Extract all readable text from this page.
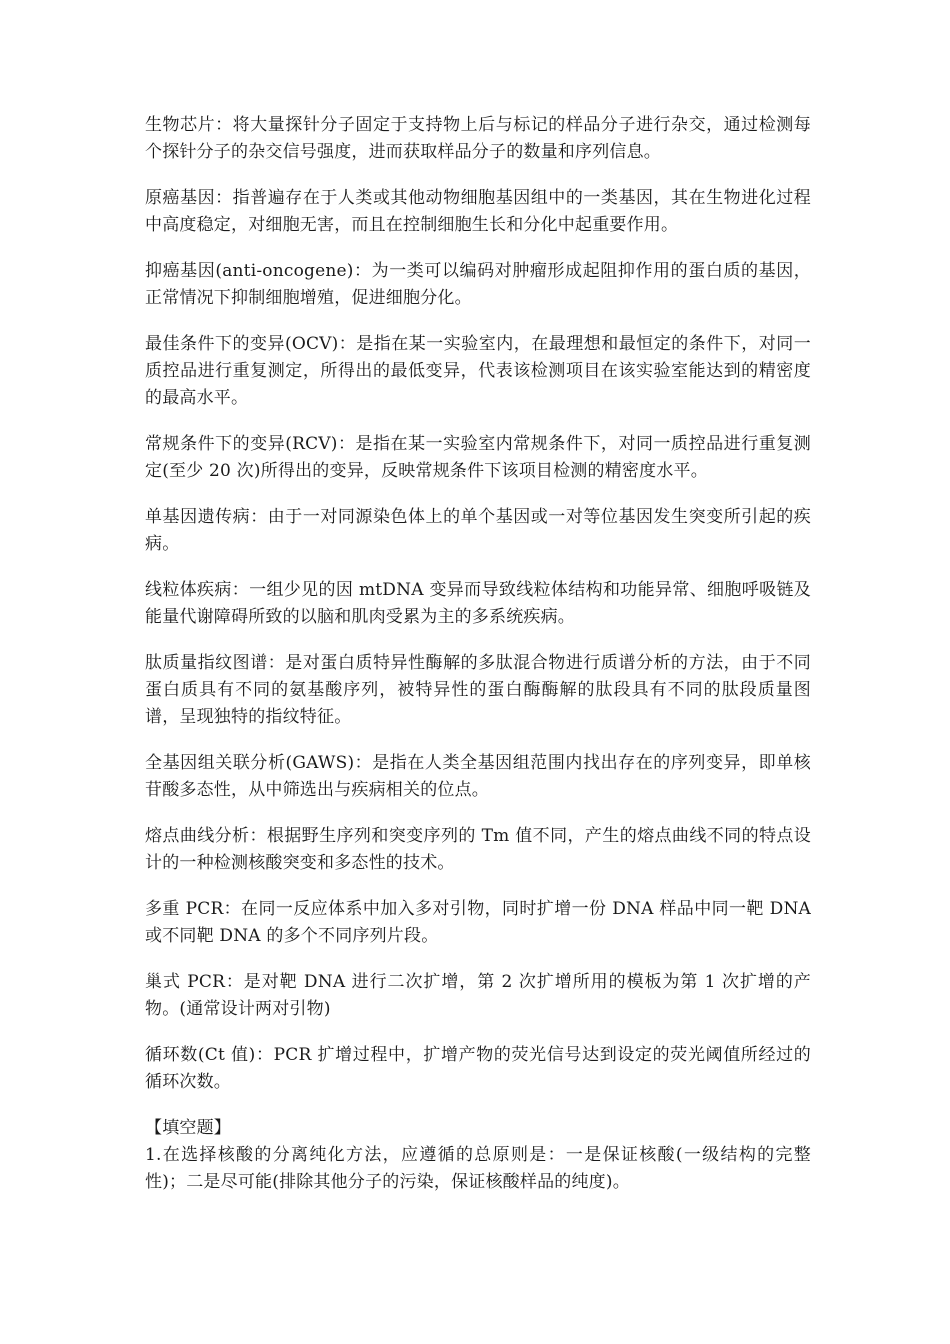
生物芯片：将大量探针分子固定于支持物上后与标记的样品分子进行杂交，通过检测每个探针分子的杂交信号强度，进而获取样品分子的数量和序列信息。

原癌基因：指普遍存在于人类或其他动物细胞基因组中的一类基因，其在生物进化过程中高度稳定，对细胞无害，而且在控制细胞生长和分化中起重要作用。

抑癌基因(anti-oncogene)：为一类可以编码对肿瘤形成起阻抑作用的蛋白质的基因，正常情况下抑制细胞增殖，促进细胞分化。

最佳条件下的变异(OCV)：是指在某一实验室内，在最理想和最恒定的条件下，对同一质控品进行重复测定，所得出的最低变异，代表该检测项目在该实验室能达到的精密度的最高水平。

常规条件下的变异(RCV)：是指在某一实验室内常规条件下，对同一质控品进行重复测定(至少 20 次)所得出的变异，反映常规条件下该项目检测的精密度水平。

单基因遗传病：由于一对同源染色体上的单个基因或一对等位基因发生突变所引起的疾病。

线粒体疾病：一组少见的因 mtDNA 变异而导致线粒体结构和功能异常、细胞呼吸链及能量代谢障碍所致的以脑和肌肉受累为主的多系统疾病。

肽质量指纹图谱：是对蛋白质特异性酶解的多肽混合物进行质谱分析的方法，由于不同蛋白质具有不同的氨基酸序列，被特异性的蛋白酶酶解的肽段具有不同的肽段质量图谱，呈现独特的指纹特征。

全基因组关联分析(GAWS)：是指在人类全基因组范围内找出存在的序列变异，即单核苷酸多态性，从中筛选出与疾病相关的位点。

熔点曲线分析：根据野生序列和突变序列的 Tm 值不同，产生的熔点曲线不同的特点设计的一种检测核酸突变和多态性的技术。

多重 PCR：在同一反应体系中加入多对引物，同时扩增一份 DNA 样品中同一靶 DNA 或不同靶 DNA 的多个不同序列片段。

巢式 PCR：是对靶 DNA 进行二次扩增，第 2 次扩增所用的模板为第 1 次扩增的产物。(通常设计两对引物)

循环数(Ct 值)：PCR 扩增过程中，扩增产物的荧光信号达到设定的荧光阈值所经过的循环次数。

【填空题】

1.在选择核酸的分离纯化方法，应遵循的总原则是：一是保证核酸(一级结构的完整性)；二是尽可能(排除其他分子的污染，保证核酸样品的纯度)。
